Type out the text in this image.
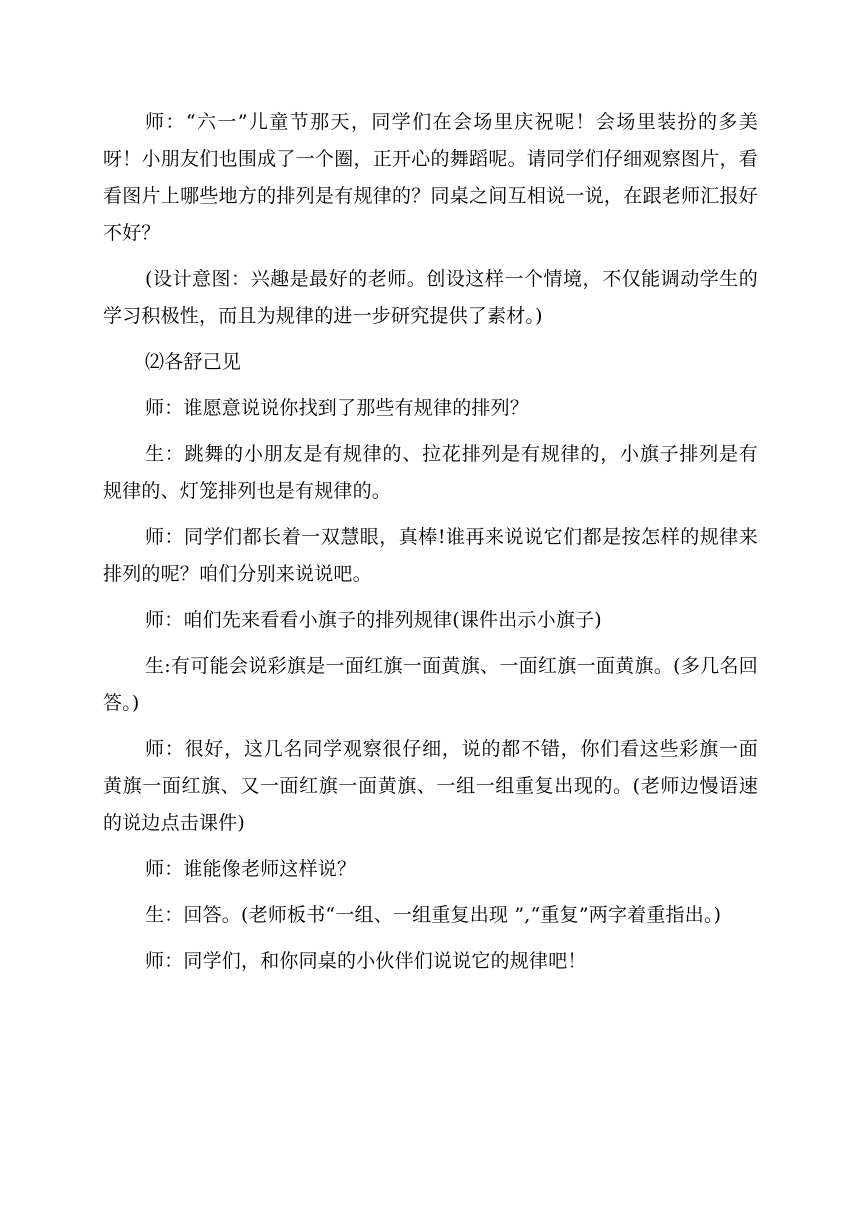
师：“六一”儿童节那天，同学们在会场里庆祝呢！会场里装扮的多美呀！小朋友们也围成了一个圈，正开心的舞蹈呢。请同学们仔细观察图片，看看图片上哪些地方的排列是有规律的？同桌之间互相说一说，在跟老师汇报好不好？

(设计意图：兴趣是最好的老师。创设这样一个情境，不仅能调动学生的学习积极性，而且为规律的进一步研究提供了素材。)

⑵各舒己见

师：谁愿意说说你找到了那些有规律的排列？

生：跳舞的小朋友是有规律的、拉花排列是有规律的，小旗子排列是有规律的、灯笼排列也是有规律的。

师：同学们都长着一双慧眼，真棒!谁再来说说它们都是按怎样的规律来排列的呢？咱们分别来说说吧。

师：咱们先来看看小旗子的排列规律(课件出示小旗子)

生:有可能会说彩旗是一面红旗一面黄旗、一面红旗一面黄旗。(多几名回答。)

师：很好，这几名同学观察很仔细，说的都不错，你们看这些彩旗一面黄旗一面红旗、又一面红旗一面黄旗、一组一组重复出现的。(老师边慢语速的说边点击课件)

师：谁能像老师这样说？

生：回答。(老师板书“一组、一组重复出现 ”,“重复”两字着重指出。)

师：同学们，和你同桌的小伙伴们说说它的规律吧！
